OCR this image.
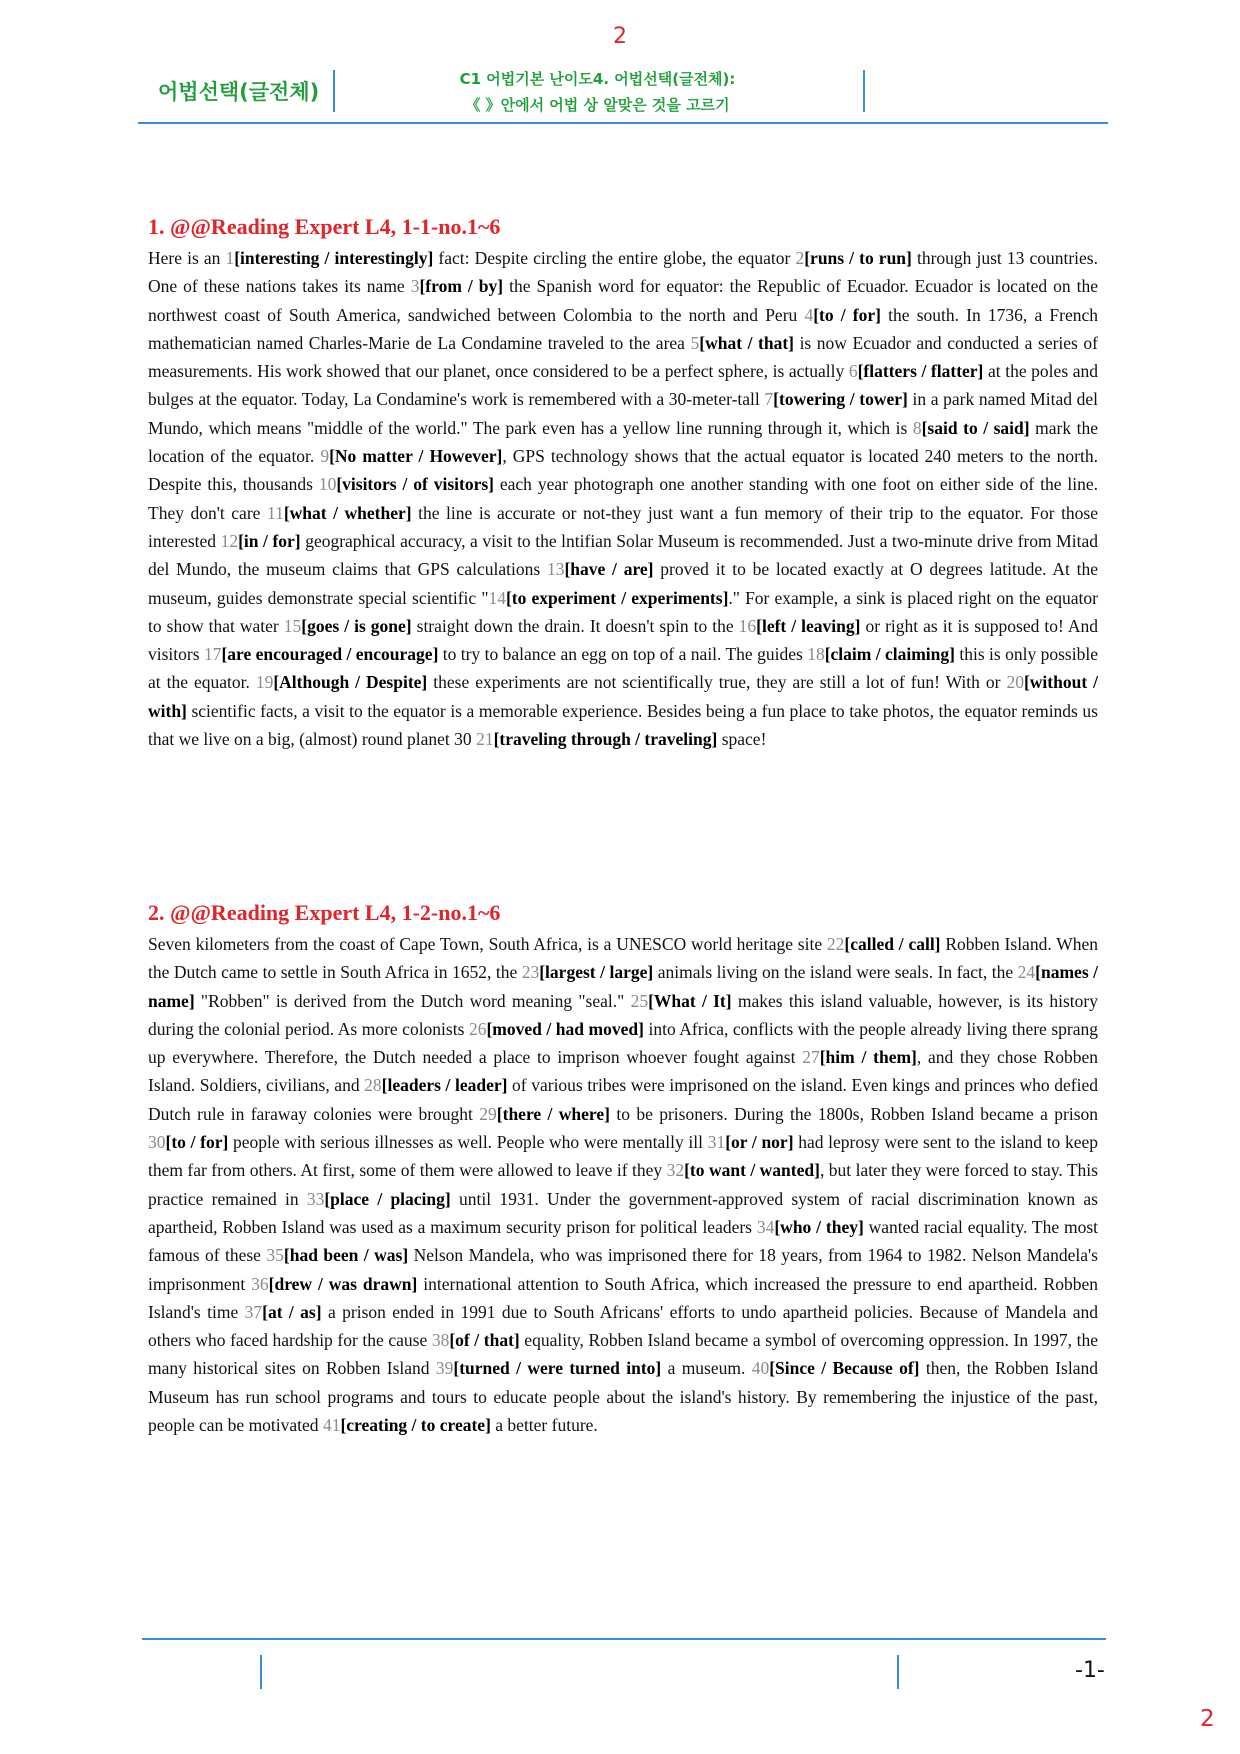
2
어법선택(글전체)
C1 어법기본 난이도4. 어법선택(글전체):
《 》안에서 어법 상 알맞은 것을 고르기
1. @@Reading Expert L4, 1-1-no.1~6

Here is an 1[interesting / interestingly] fact: Despite circling the entire globe, the equator 2[runs / to run] through just 13 countries. One of these nations takes its name 3[from / by] the Spanish word for equator: the Republic of Ecuador. Ecuador is located on the northwest coast of South America, sandwiched between Colombia to the north and Peru 4[to / for] the south. In 1736, a French mathematician named Charles-Marie de La Condamine traveled to the area 5[what / that] is now Ecuador and conducted a series of measurements. His work showed that our planet, once considered to be a perfect sphere, is actually 6[flatters / flatter] at the poles and bulges at the equator. Today, La Condamine's work is remembered with a 30-meter-tall 7[towering / tower] in a park named Mitad del Mundo, which means "middle of the world." The park even has a yellow line running through it, which is 8[said to / said] mark the location of the equator. 9[No matter / However], GPS technology shows that the actual equator is located 240 meters to the north. Despite this, thousands 10[visitors / of visitors] each year photograph one another standing with one foot on either side of the line. They don't care 11[what / whether] the line is accurate or not-they just want a fun memory of their trip to the equator. For those interested 12[in / for] geographical accuracy, a visit to the lntifian Solar Museum is recommended. Just a two-minute drive from Mitad del Mundo, the museum claims that GPS calculations 13[have / are] proved it to be located exactly at O degrees latitude. At the museum, guides demonstrate special scientific "14[to experiment / experiments]." For example, a sink is placed right on the equator to show that water 15[goes / is gone] straight down the drain. It doesn't spin to the 16[left / leaving] or right as it is supposed to! And visitors 17[are encouraged / encourage] to try to balance an egg on top of a nail. The guides 18[claim / claiming] this is only possible at the equator. 19[Although / Despite] these experiments are not scientifically true, they are still a lot of fun! With or 20[without / with] scientific facts, a visit to the equator is a memorable experience. Besides being a fun place to take photos, the equator reminds us that we live on a big, (almost) round planet 30 21[traveling through / traveling] space!

2. @@Reading Expert L4, 1-2-no.1~6

Seven kilometers from the coast of Cape Town, South Africa, is a UNESCO world heritage site 22[called / call] Robben Island. When the Dutch came to settle in South Africa in 1652, the 23[largest / large] animals living on the island were seals. In fact, the 24[names / name] "Robben" is derived from the Dutch word meaning "seal." 25[What / It] makes this island valuable, however, is its history during the colonial period. As more colonists 26[moved / had moved] into Africa, conflicts with the people already living there sprang up everywhere. Therefore, the Dutch needed a place to imprison whoever fought against 27[him / them], and they chose Robben Island. Soldiers, civilians, and 28[leaders / leader] of various tribes were imprisoned on the island. Even kings and princes who defied Dutch rule in faraway colonies were brought 29[there / where] to be prisoners. During the 1800s, Robben Island became a prison 30[to / for] people with serious illnesses as well. People who were mentally ill 31[or / nor] had leprosy were sent to the island to keep them far from others. At first, some of them were allowed to leave if they 32[to want / wanted], but later they were forced to stay. This practice remained in 33[place / placing] until 1931. Under the government-approved system of racial discrimination known as apartheid, Robben Island was used as a maximum security prison for political leaders 34[who / they] wanted racial equality. The most famous of these 35[had been / was] Nelson Mandela, who was imprisoned there for 18 years, from 1964 to 1982. Nelson Mandela's imprisonment 36[drew / was drawn] international attention to South Africa, which increased the pressure to end apartheid. Robben Island's time 37[at / as] a prison ended in 1991 due to South Africans' efforts to undo apartheid policies. Because of Mandela and others who faced hardship for the cause 38[of / that] equality, Robben Island became a symbol of overcoming oppression. In 1997, the many historical sites on Robben Island 39[turned / were turned into] a museum. 40[Since / Because of] then, the Robben Island Museum has run school programs and tours to educate people about the island's history. By remembering the injustice of the past, people can be motivated 41[creating / to create] a better future.

-1-
2
